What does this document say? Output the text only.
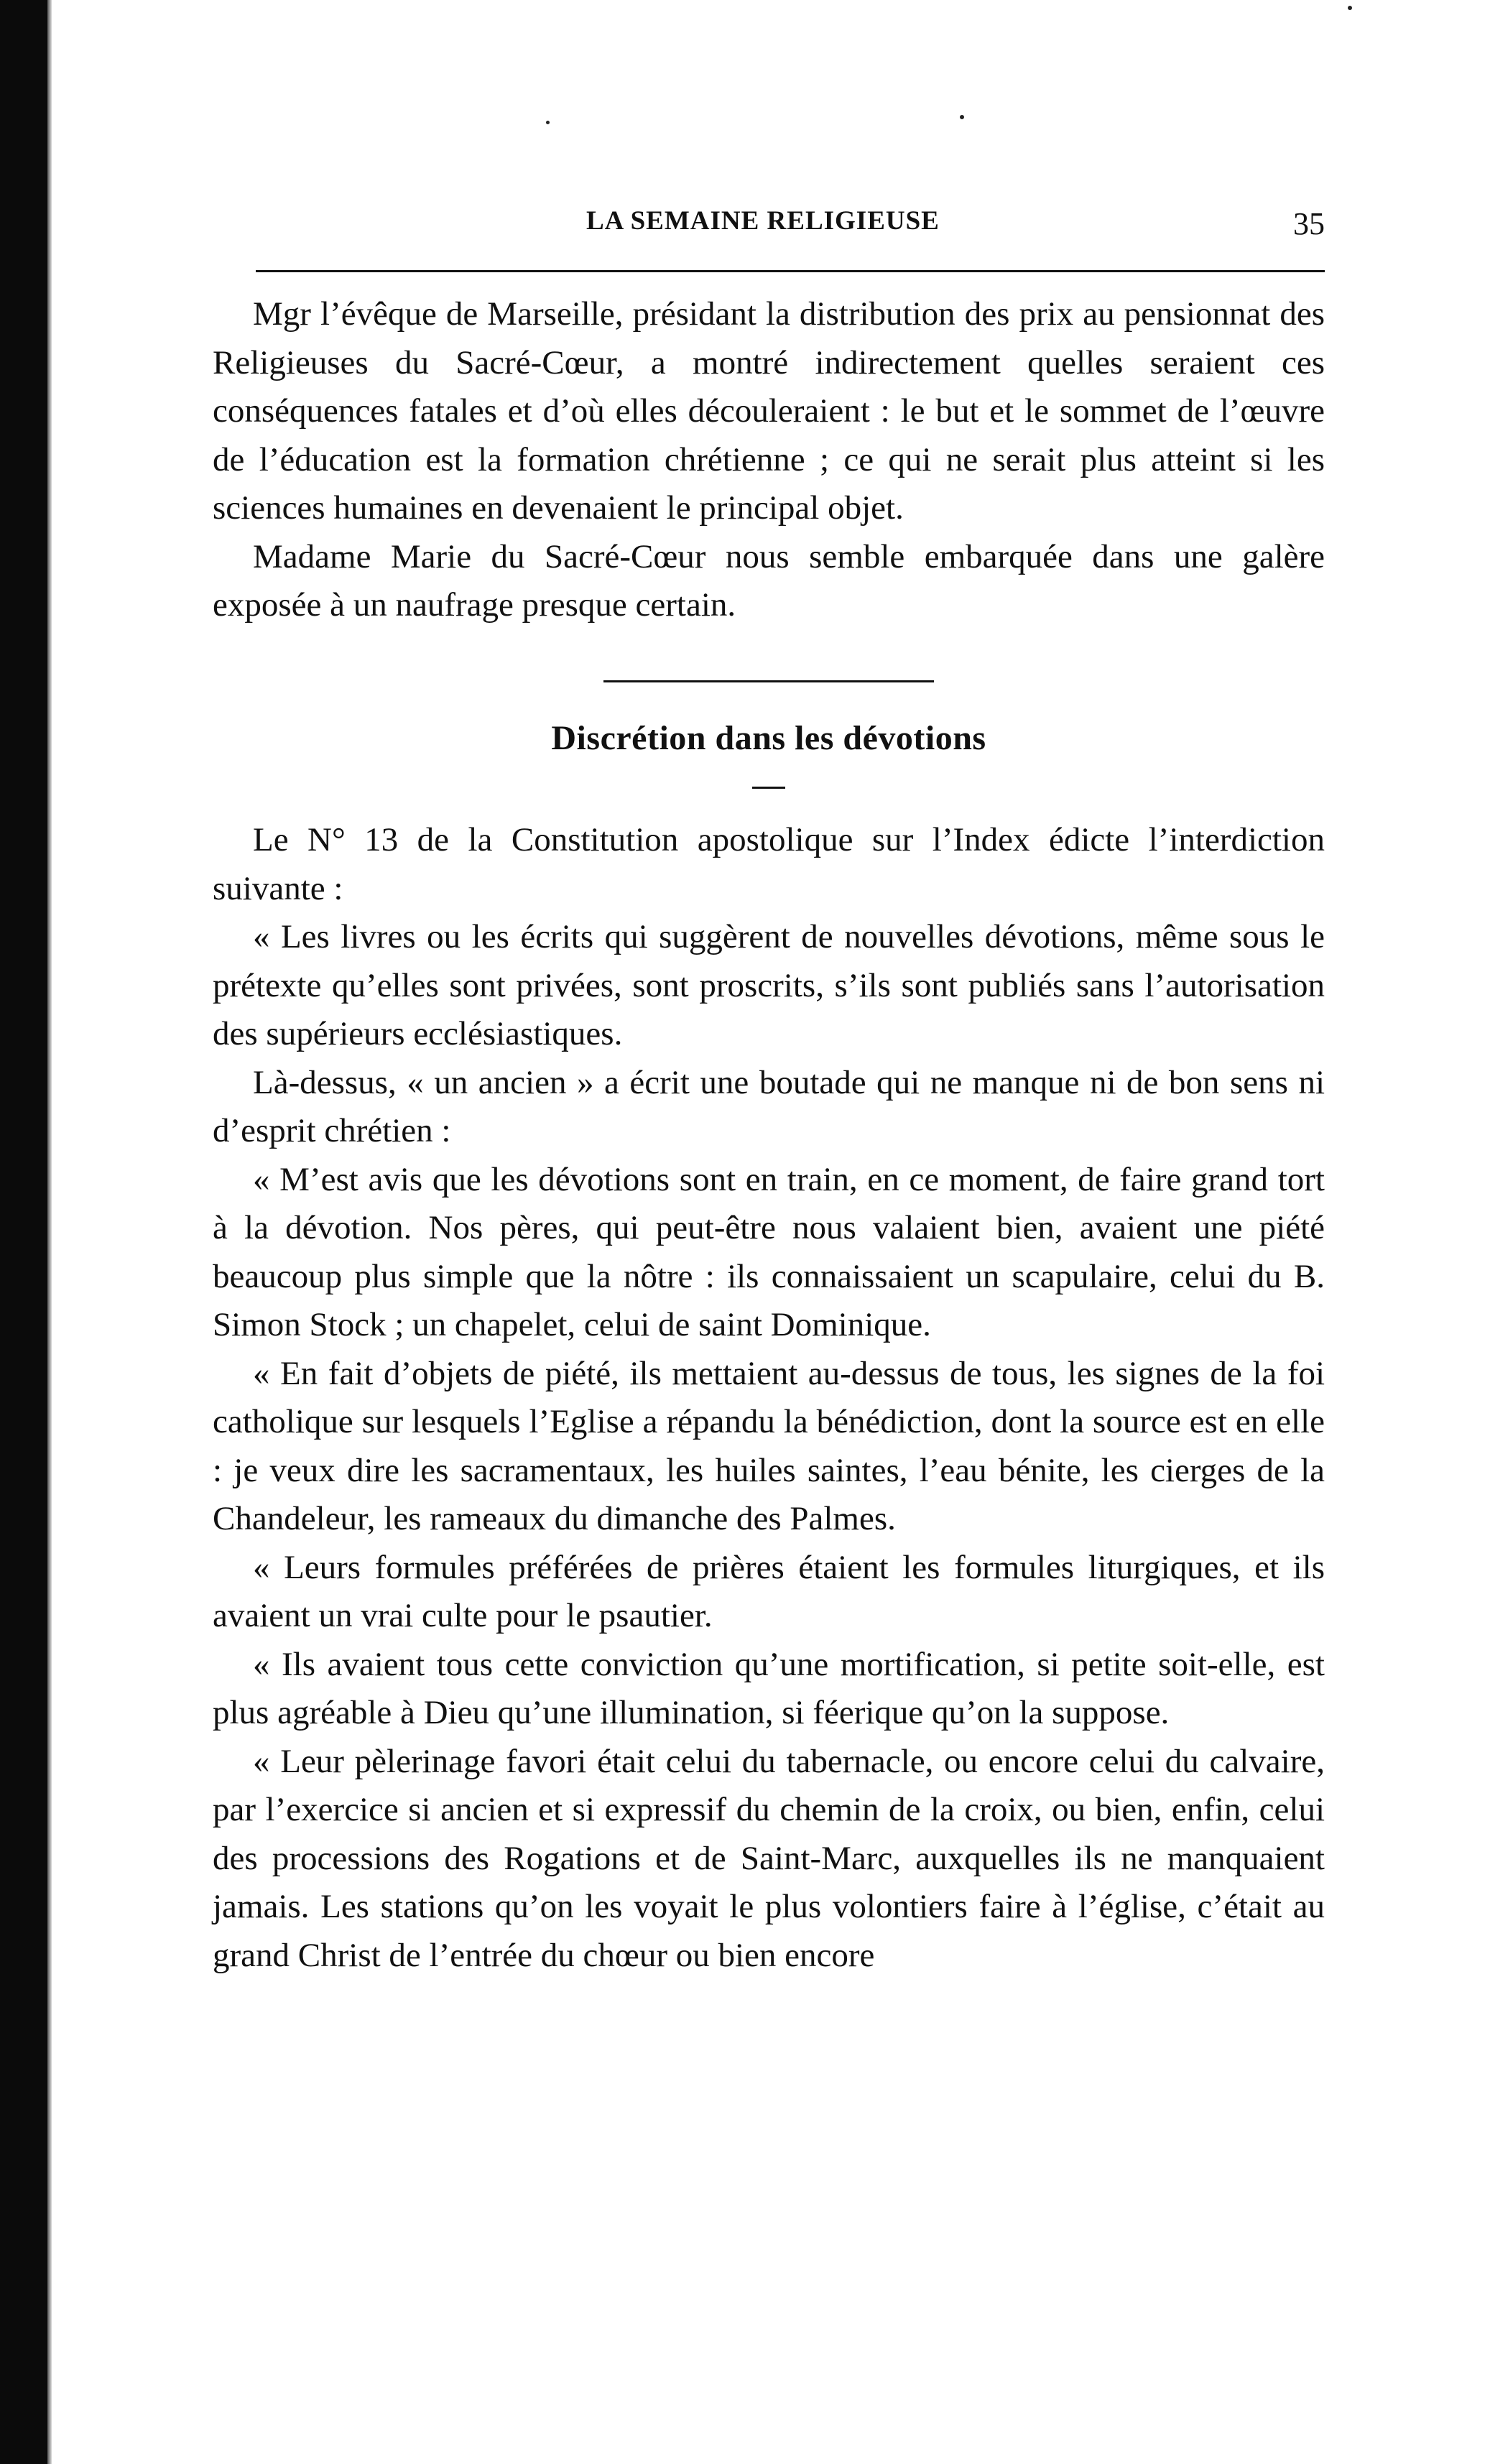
LA SEMAINE RELIGIEUSE	35

Mgr l’évêque de Marseille, présidant la distribution des prix au pensionnat des Religieuses du Sacré-Cœur, a montré indirectement quelles seraient ces conséquences fatales et d’où elles découleraient : le but et le sommet de l’œuvre de l’éducation est la formation chrétienne ; ce qui ne serait plus atteint si les sciences humaines en devenaient le principal objet.

Madame Marie du Sacré-Cœur nous semble embarquée dans une galère exposée à un naufrage presque certain.

Discrétion dans les dévotions

Le N° 13 de la Constitution apostolique sur l’Index édicte l’interdiction suivante :

« Les livres ou les écrits qui suggèrent de nouvelles dévotions, même sous le prétexte qu’elles sont privées, sont proscrits, s’ils sont publiés sans l’autorisation des supérieurs ecclésiastiques.

Là-dessus, « un ancien » a écrit une boutade qui ne manque ni de bon sens ni d’esprit chrétien :

« M’est avis que les dévotions sont en train, en ce moment, de faire grand tort à la dévotion. Nos pères, qui peut-être nous valaient bien, avaient une piété beaucoup plus simple que la nôtre : ils connaissaient un scapulaire, celui du B. Simon Stock ; un chapelet, celui de saint Dominique.

« En fait d’objets de piété, ils mettaient au-dessus de tous, les signes de la foi catholique sur lesquels l’Eglise a répandu la bénédiction, dont la source est en elle : je veux dire les sacramentaux, les huiles saintes, l’eau bénite, les cierges de la Chandeleur, les rameaux du dimanche des Palmes.

« Leurs formules préférées de prières étaient les formules liturgiques, et ils avaient un vrai culte pour le psautier.

« Ils avaient tous cette conviction qu’une mortification, si petite soit-elle, est plus agréable à Dieu qu’une illumination, si féerique qu’on la suppose.

« Leur pèlerinage favori était celui du tabernacle, ou encore celui du calvaire, par l’exercice si ancien et si expressif du chemin de la croix, ou bien, enfin, celui des processions des Rogations et de Saint-Marc, auxquelles ils ne manquaient jamais. Les stations qu’on les voyait le plus volontiers faire à l’église, c’était au grand Christ de l’entrée du chœur ou bien encore
